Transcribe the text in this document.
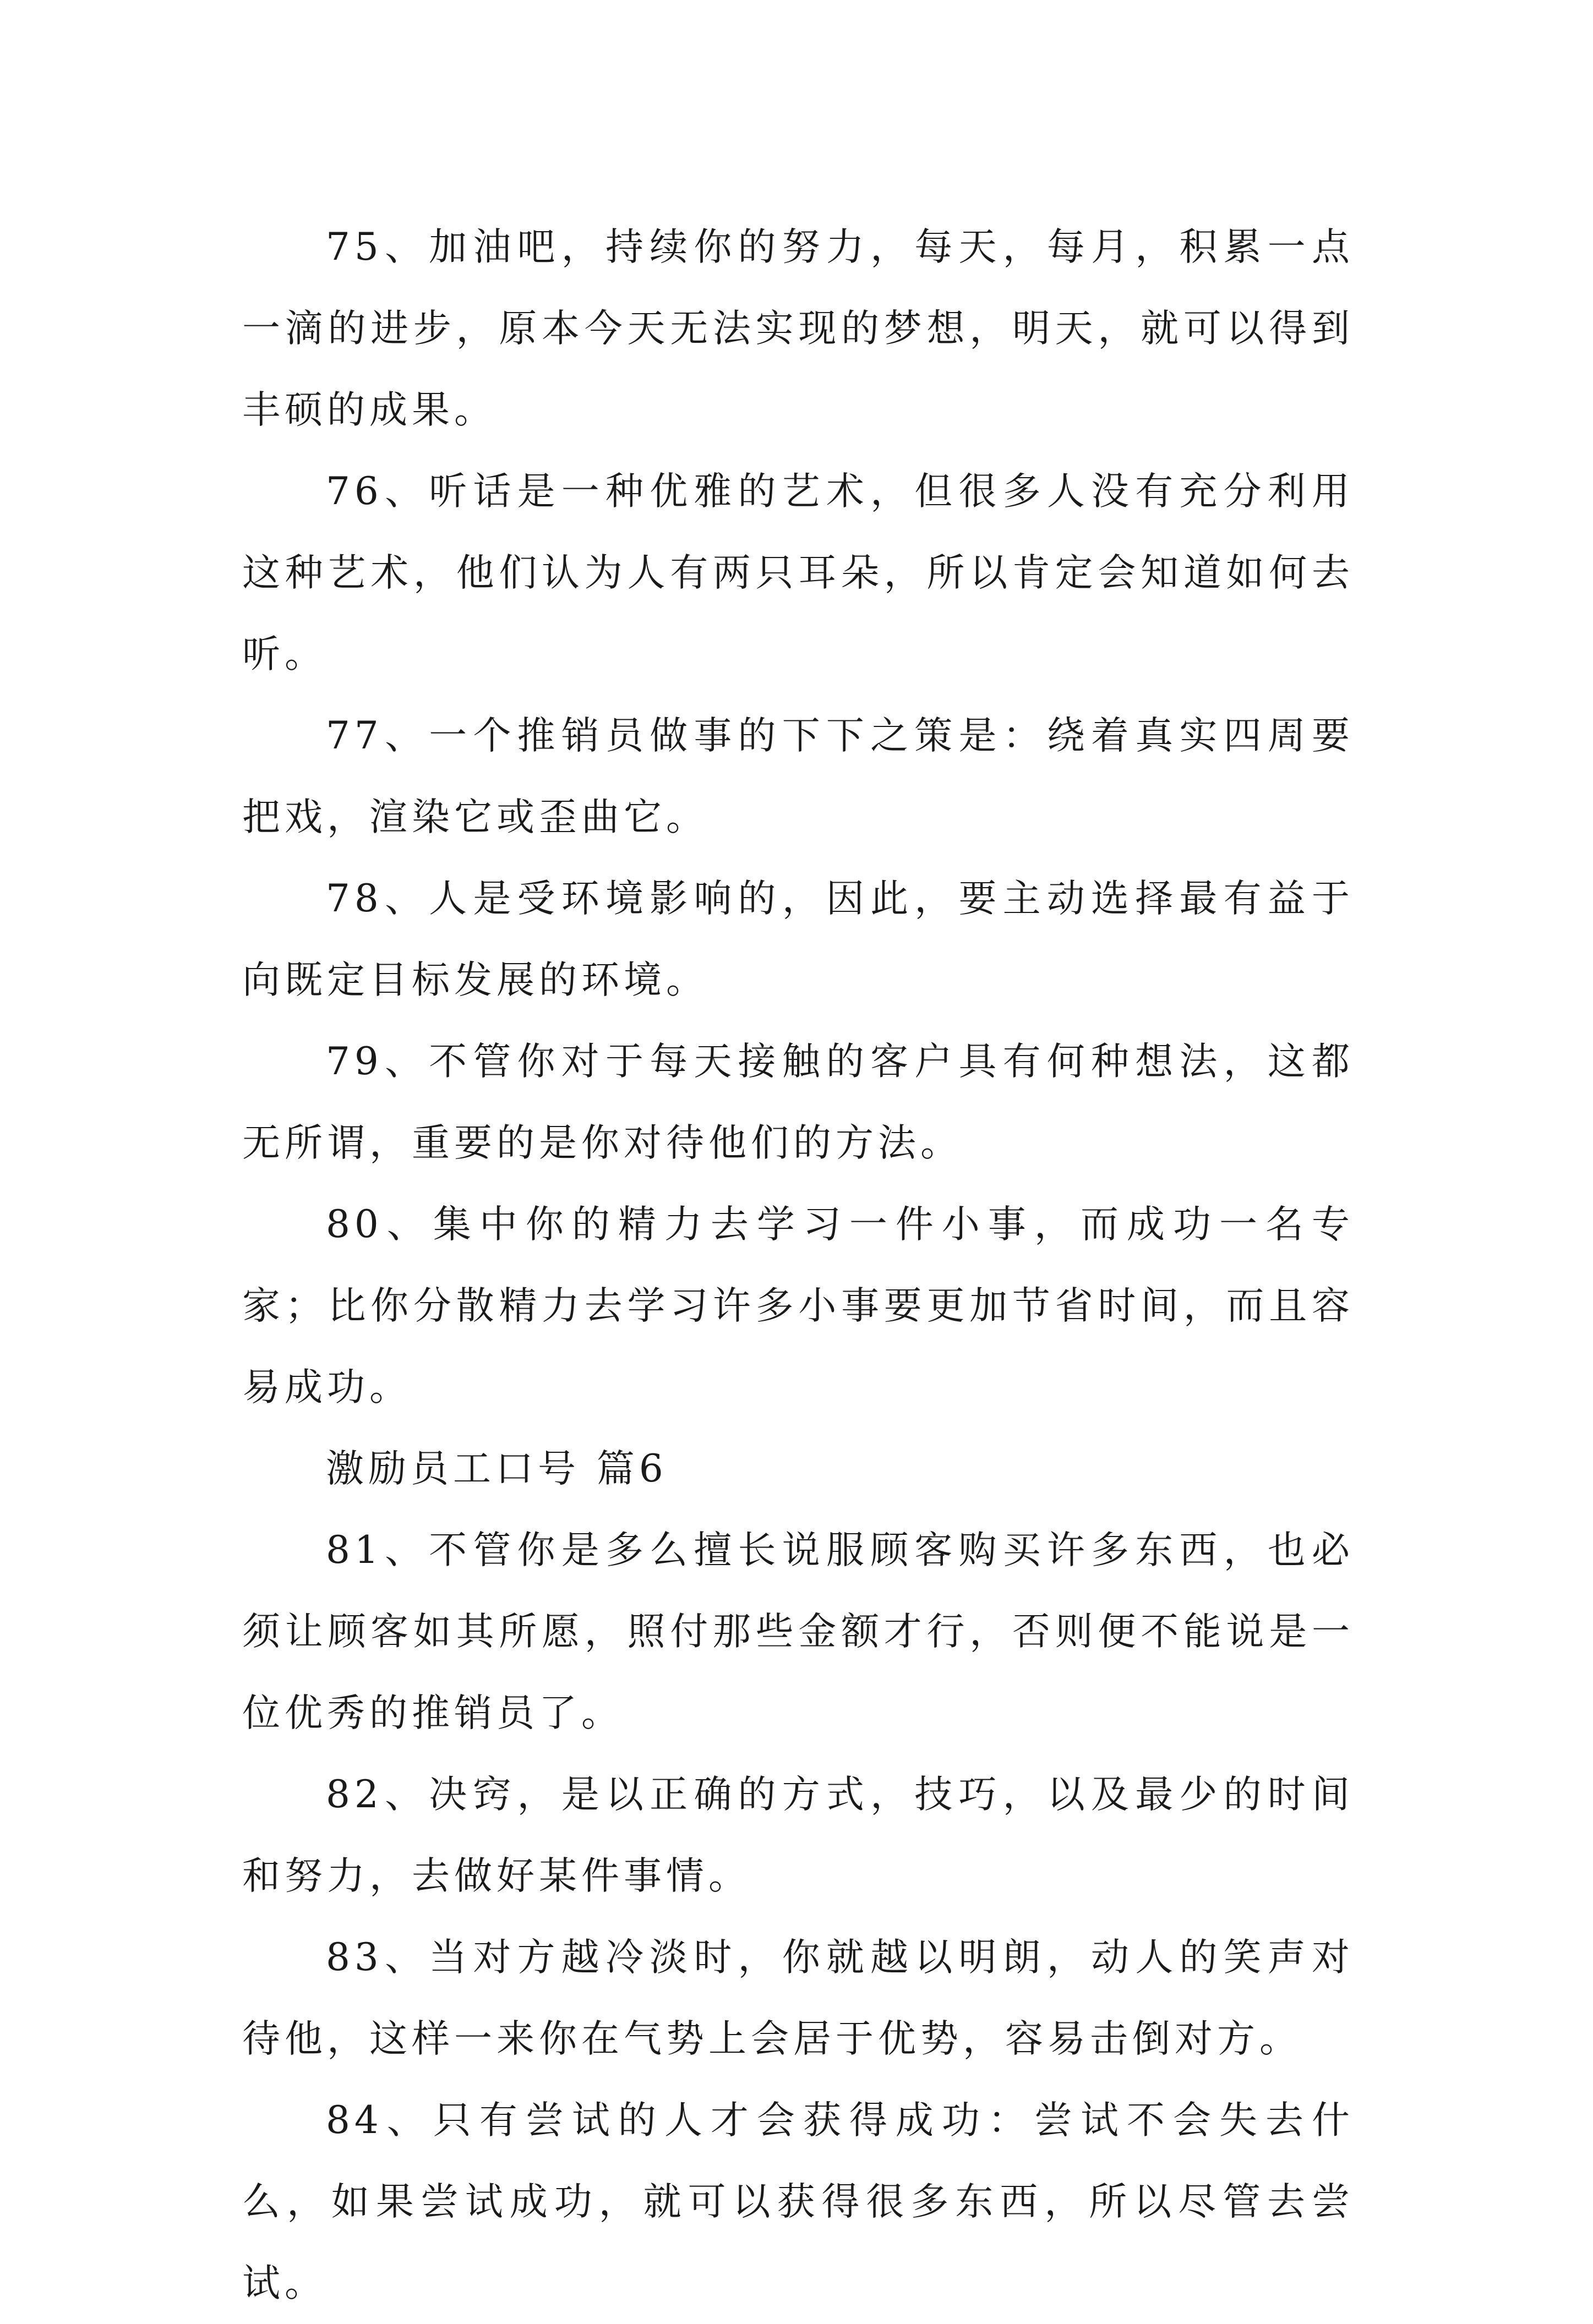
75、加油吧，持续你的努力，每天，每月，积累一点一滴的进步，原本今天无法实现的梦想，明天，就可以得到丰硕的成果。

76、听话是一种优雅的艺术，但很多人没有充分利用这种艺术，他们认为人有两只耳朵，所以肯定会知道如何去听。

77、一个推销员做事的下下之策是：绕着真实四周要把戏，渲染它或歪曲它。

78、人是受环境影响的，因此，要主动选择最有益于向既定目标发展的环境。

79、不管你对于每天接触的客户具有何种想法，这都无所谓，重要的是你对待他们的方法。

80、集中你的精力去学习一件小事，而成功一名专家；比你分散精力去学习许多小事要更加节省时间，而且容易成功。

激励员工口号 篇6

81、不管你是多么擅长说服顾客购买许多东西，也必须让顾客如其所愿，照付那些金额才行，否则便不能说是一位优秀的推销员了。

82、决窍，是以正确的方式，技巧，以及最少的时间和努力，去做好某件事情。

83、当对方越冷淡时，你就越以明朗，动人的笑声对待他，这样一来你在气势上会居于优势，容易击倒对方。

84、只有尝试的人才会获得成功：尝试不会失去什么，如果尝试成功，就可以获得很多东西，所以尽管去尝试。
